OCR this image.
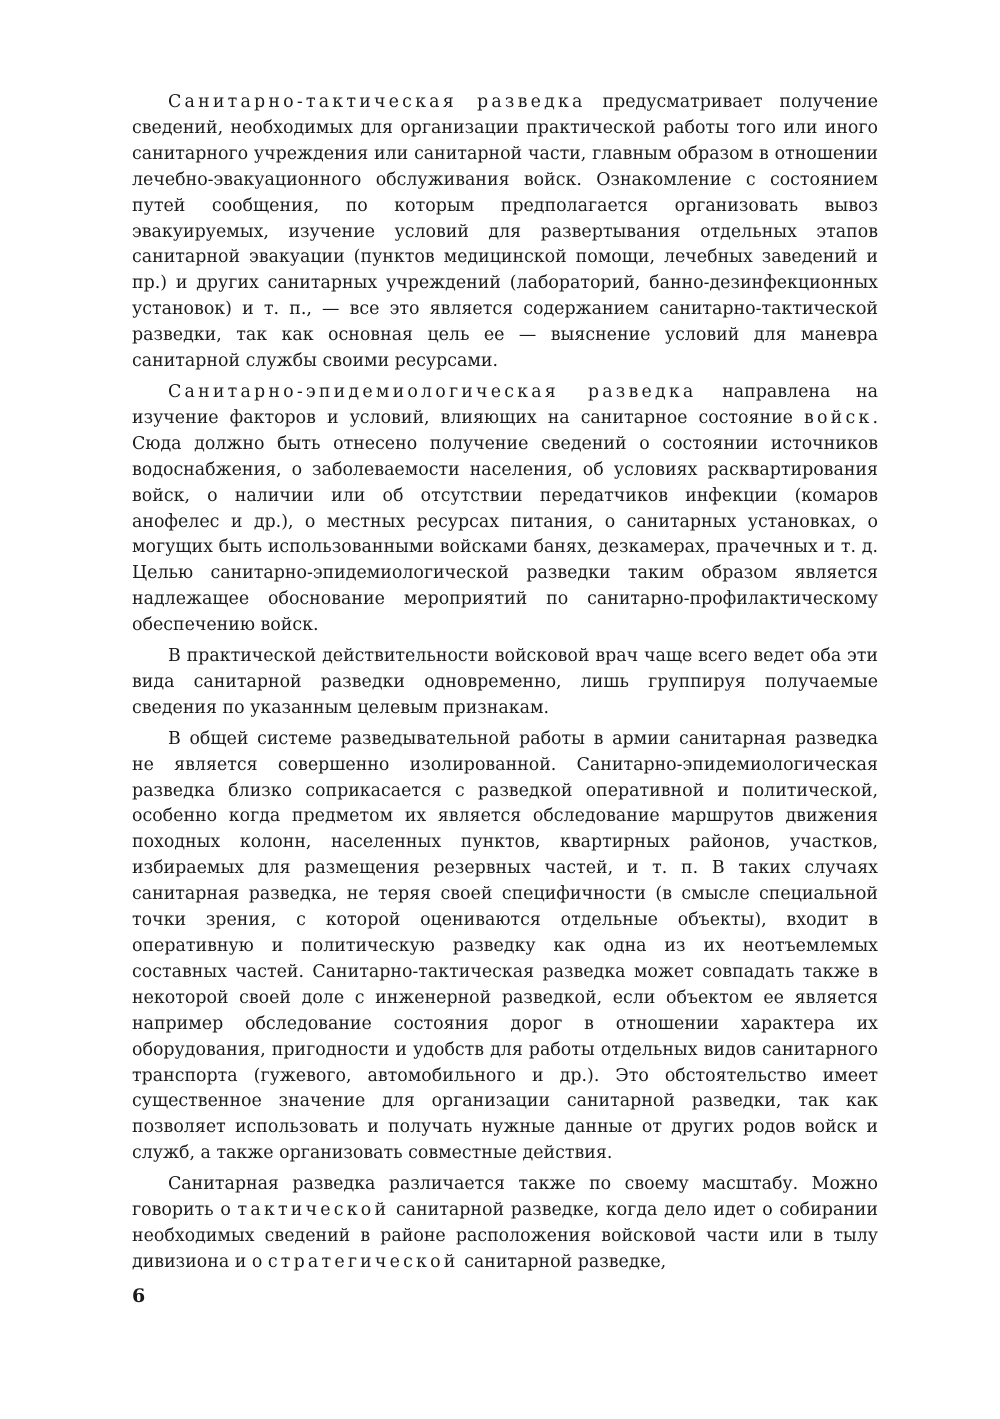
Санитарно-тактическая разведка предусматривает получение сведений, необходимых для организации практической работы того или иного санитарного учреждения или санитарной части, главным образом в отношении лечебно-эвакуационного обслуживания войск. Ознакомление с состоянием путей сообщения, по которым предполагается организовать вывоз эвакуируемых, изучение условий для развертывания отдельных этапов санитарной эвакуации (пунктов медицинской помощи, лечебных заведений и пр.) и других санитарных учреждений (лабораторий, банно-дезинфекционных установок) и т. п., — все это является содержанием санитарно-тактической разведки, так как основная цель ее — выяснение условий для маневра санитарной службы своими ресурсами.

Санитарно-эпидемиологическая разведка направлена на изучение факторов и условий, влияющих на санитарное состояние войск. Сюда должно быть отнесено получение сведений о состоянии источников водоснабжения, о заболеваемости населения, об условиях расквартирования войск, о наличии или об отсутствии передатчиков инфекции (комаров анофелес и др.), о местных ресурсах питания, о санитарных установках, о могущих быть использованными войсками банях, дезкамерах, прачечных и т. д. Целью санитарно-эпидемиологической разведки таким образом является надлежащее обоснование мероприятий по санитарно-профилактическому обеспечению войск.

В практической действительности войсковой врач чаще всего ведет оба эти вида санитарной разведки одновременно, лишь группируя получаемые сведения по указанным целевым признакам.

В общей системе разведывательной работы в армии санитарная разведка не является совершенно изолированной. Санитарно-эпидемиологическая разведка близко соприкасается с разведкой оперативной и политической, особенно когда предметом их является обследование маршрутов движения походных колонн, населенных пунктов, квартирных районов, участков, избираемых для размещения резервных частей, и т. п. В таких случаях санитарная разведка, не теряя своей специфичности (в смысле специальной точки зрения, с которой оцениваются отдельные объекты), входит в оперативную и политическую разведку как одна из их неотъемлемых составных частей. Санитарно-тактическая разведка может совпадать также в некоторой своей доле с инженерной разведкой, если объектом ее является например обследование состояния дорог в отношении характера их оборудования, пригодности и удобств для работы отдельных видов санитарного транспорта (гужевого, автомобильного и др.). Это обстоятельство имеет существенное значение для организации санитарной разведки, так как позволяет использовать и получать нужные данные от других родов войск и служб, а также организовать совместные действия.

Санитарная разведка различается также по своему масштабу. Можно говорить о тактической санитарной разведке, когда дело идет о собирании необходимых сведений в районе расположения войсковой части или в тылу дивизиона и о стратегической санитарной разведке,

6
